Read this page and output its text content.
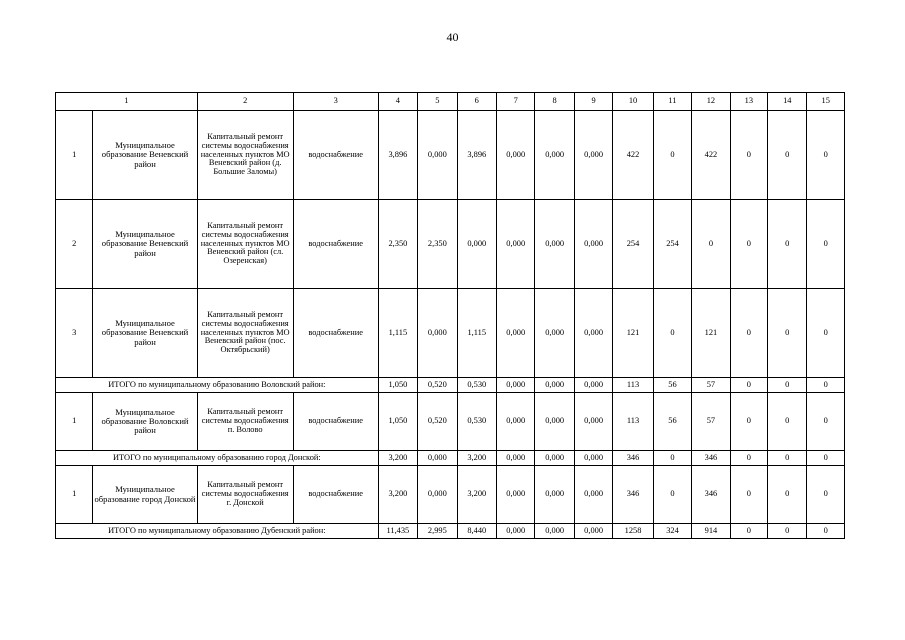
40
1		2	3	4	5	6	7	8	9	10	11	12	13	14	15
1	Муниципальное образование Веневский район	Капитальный ремонт системы водоснабжения населенных пунктов МО Веневский район (д. Большие Заломы)	водоснабжение	3,896	0,000	3,896	0,000	0,000	0,000	422	0	422	0	0	0
2	Муниципальное образование Веневский район	Капитальный ремонт системы водоснабжения населенных пунктов МО Веневский район (сл. Озеренская)	водоснабжение	2,350	2,350	0,000	0,000	0,000	0,000	254	254	0	0	0	0
3	Муниципальное образование Веневский район	Капитальный ремонт системы водоснабжения населенных пунктов МО Веневский район (пос. Октябрьский)	водоснабжение	1,115	0,000	1,115	0,000	0,000	0,000	121	0	121	0	0	0
ИТОГО по муниципальному образованию Воловский район:				1,050	0,520	0,530	0,000	0,000	0,000	113	56	57	0	0	0
1	Муниципальное образование Воловский район	Капитальный ремонт системы водоснабжения п. Волово	водоснабжение	1,050	0,520	0,530	0,000	0,000	0,000	113	56	57	0	0	0
ИТОГО по муниципальному образованию город Донской:				3,200	0,000	3,200	0,000	0,000	0,000	346	0	346	0	0	0
1	Муниципальное образование город Донской	Капитальный ремонт системы водоснабжения г. Донской	водоснабжение	3,200	0,000	3,200	0,000	0,000	0,000	346	0	346	0	0	0
ИТОГО по муниципальному образованию Дубенский район:				11,435	2,995	8,440	0,000	0,000	0,000	1258	324	914	0	0	0
